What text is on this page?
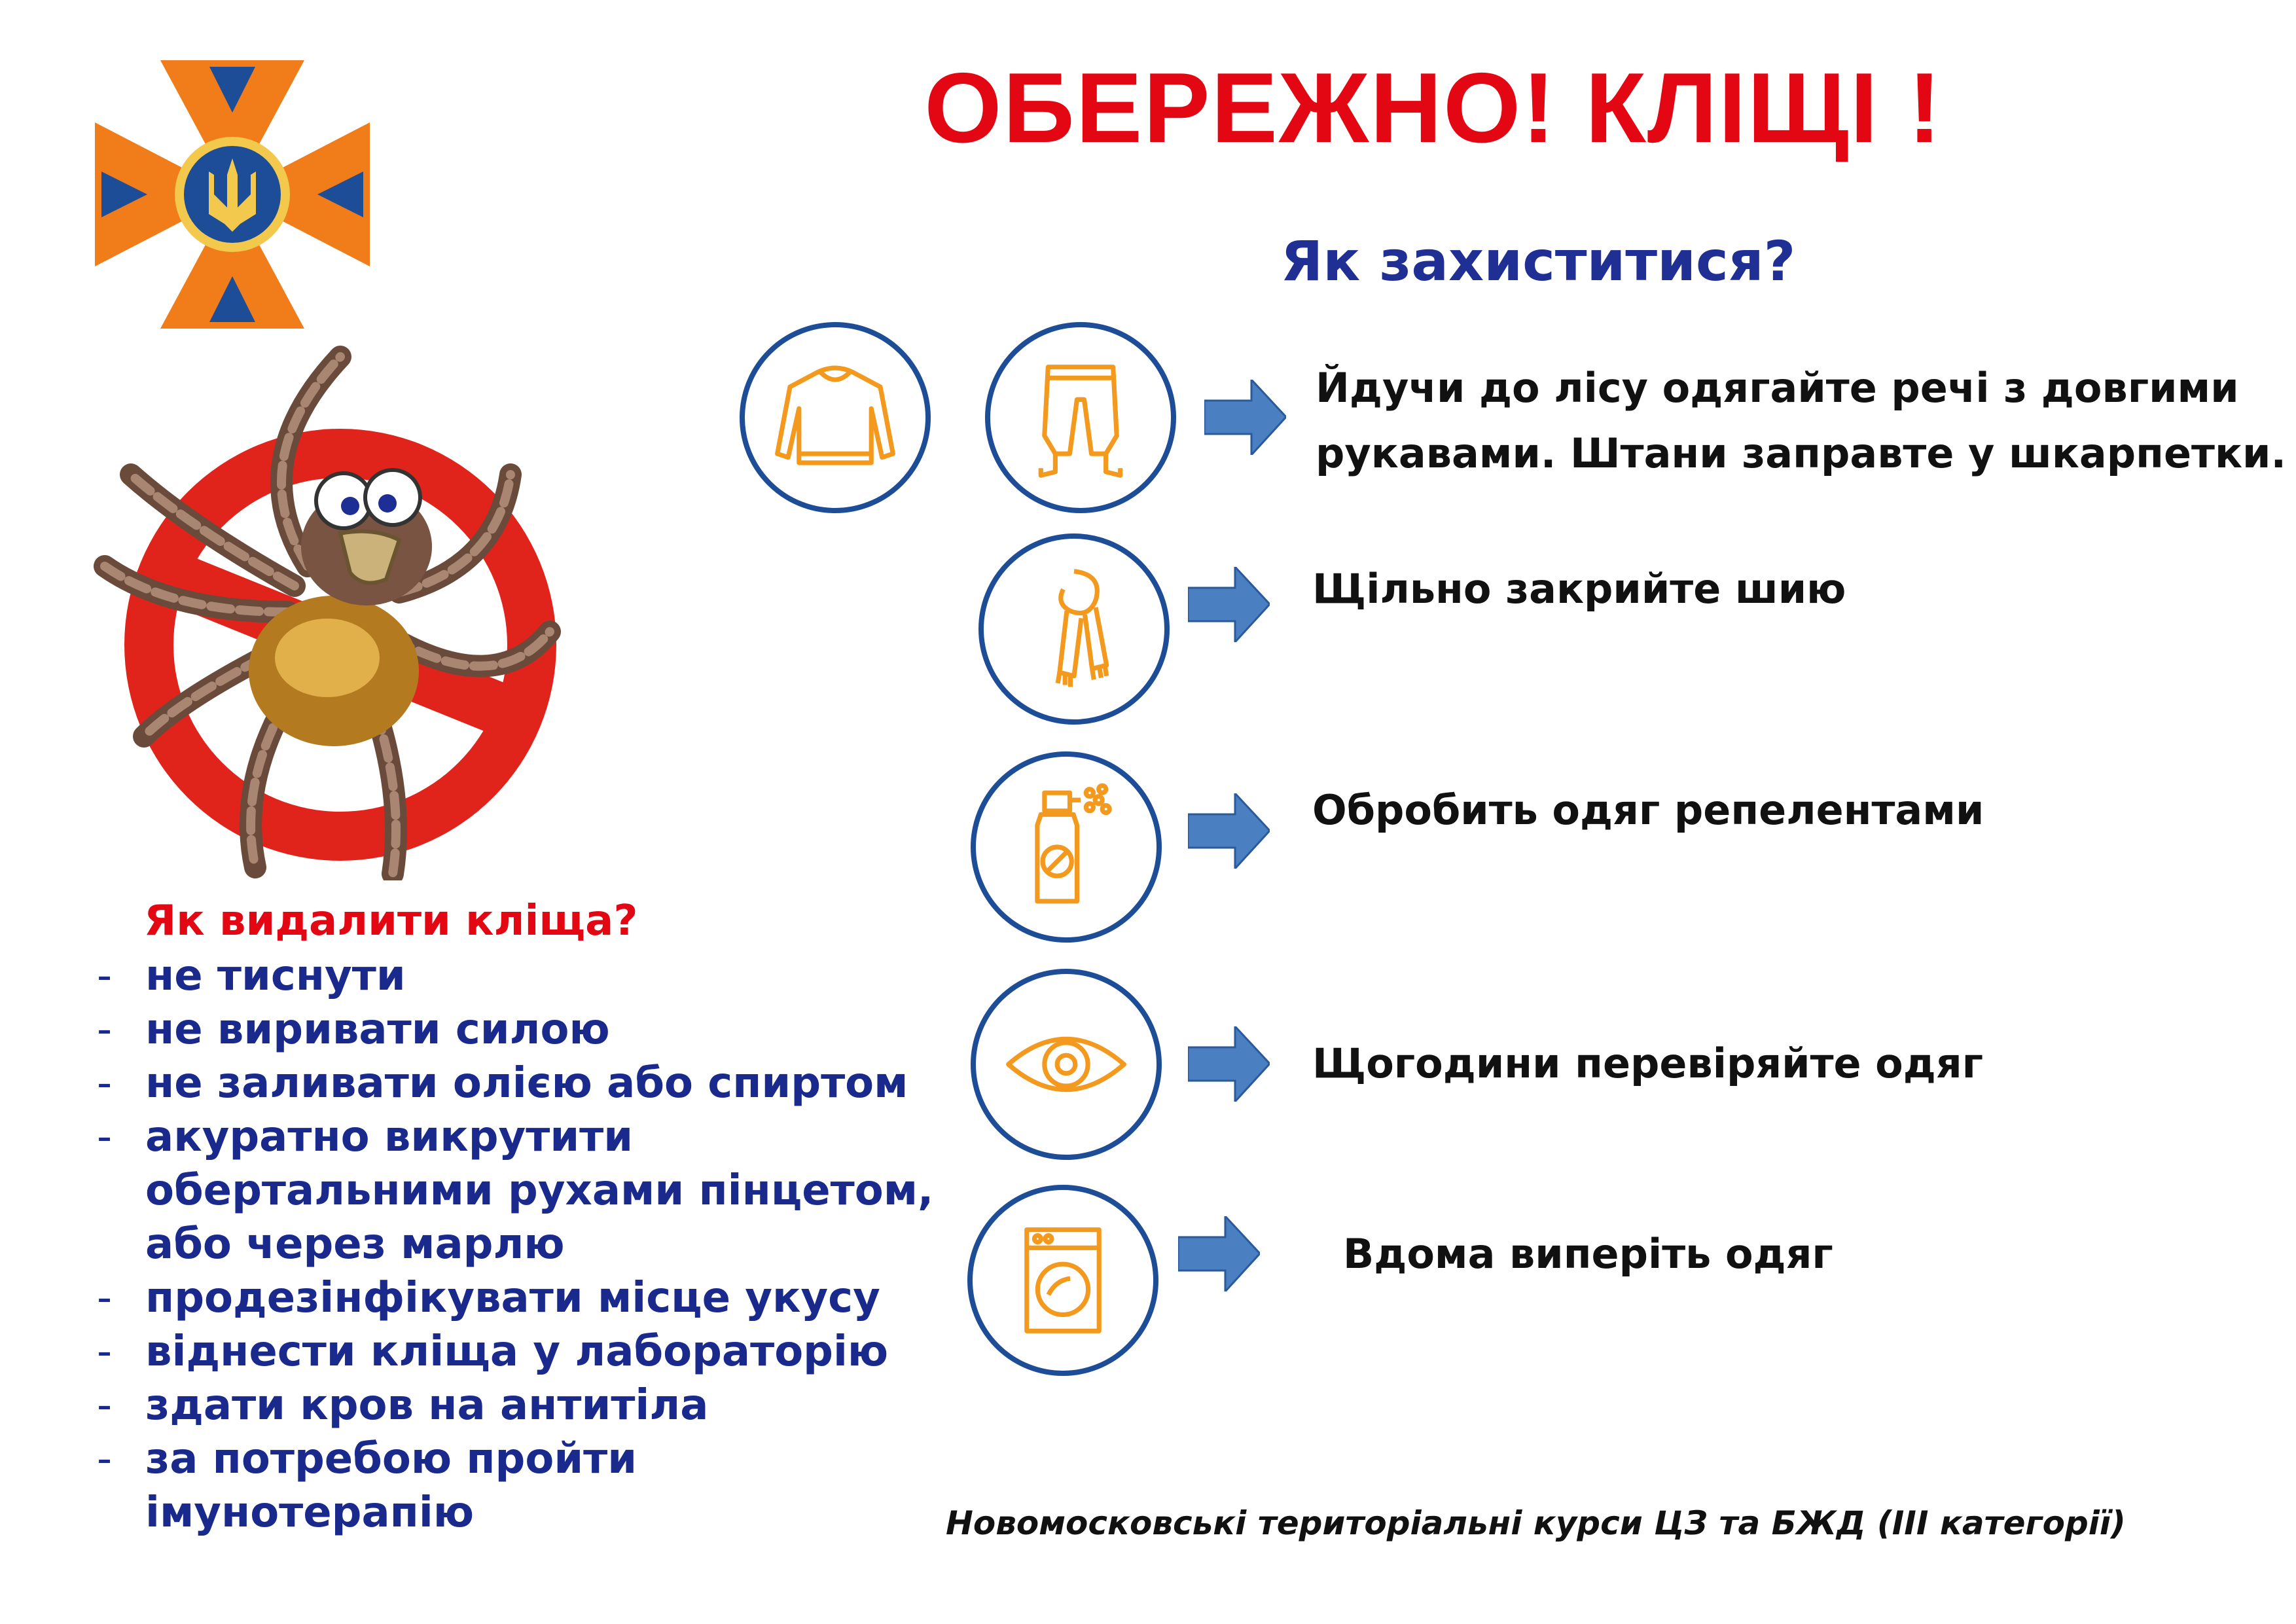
ОБЕРЕЖНО! КЛІЩІ !
Як захиститися?
Як видалити кліща?
- не тиснути
- не виривати силою
- не заливати олією або спиртом
- акуратно викрутити обертальними рухами пінцетом, або через марлю
- продезінфікувати місце укусу
- віднести кліща у лабораторію
- здати кров на антитіла
- за потребою пройти імунотерапію
Йдучи до лісу одягайте речі з довгими
рукавами. Штани заправте у шкарпетки.
Щільно закрийте шию
Обробить одяг репелентами
Щогодини перевіряйте одяг
Вдома виперіть одяг
Новомосковські територіальні курси ЦЗ та БЖД (ІІІ категорії)
